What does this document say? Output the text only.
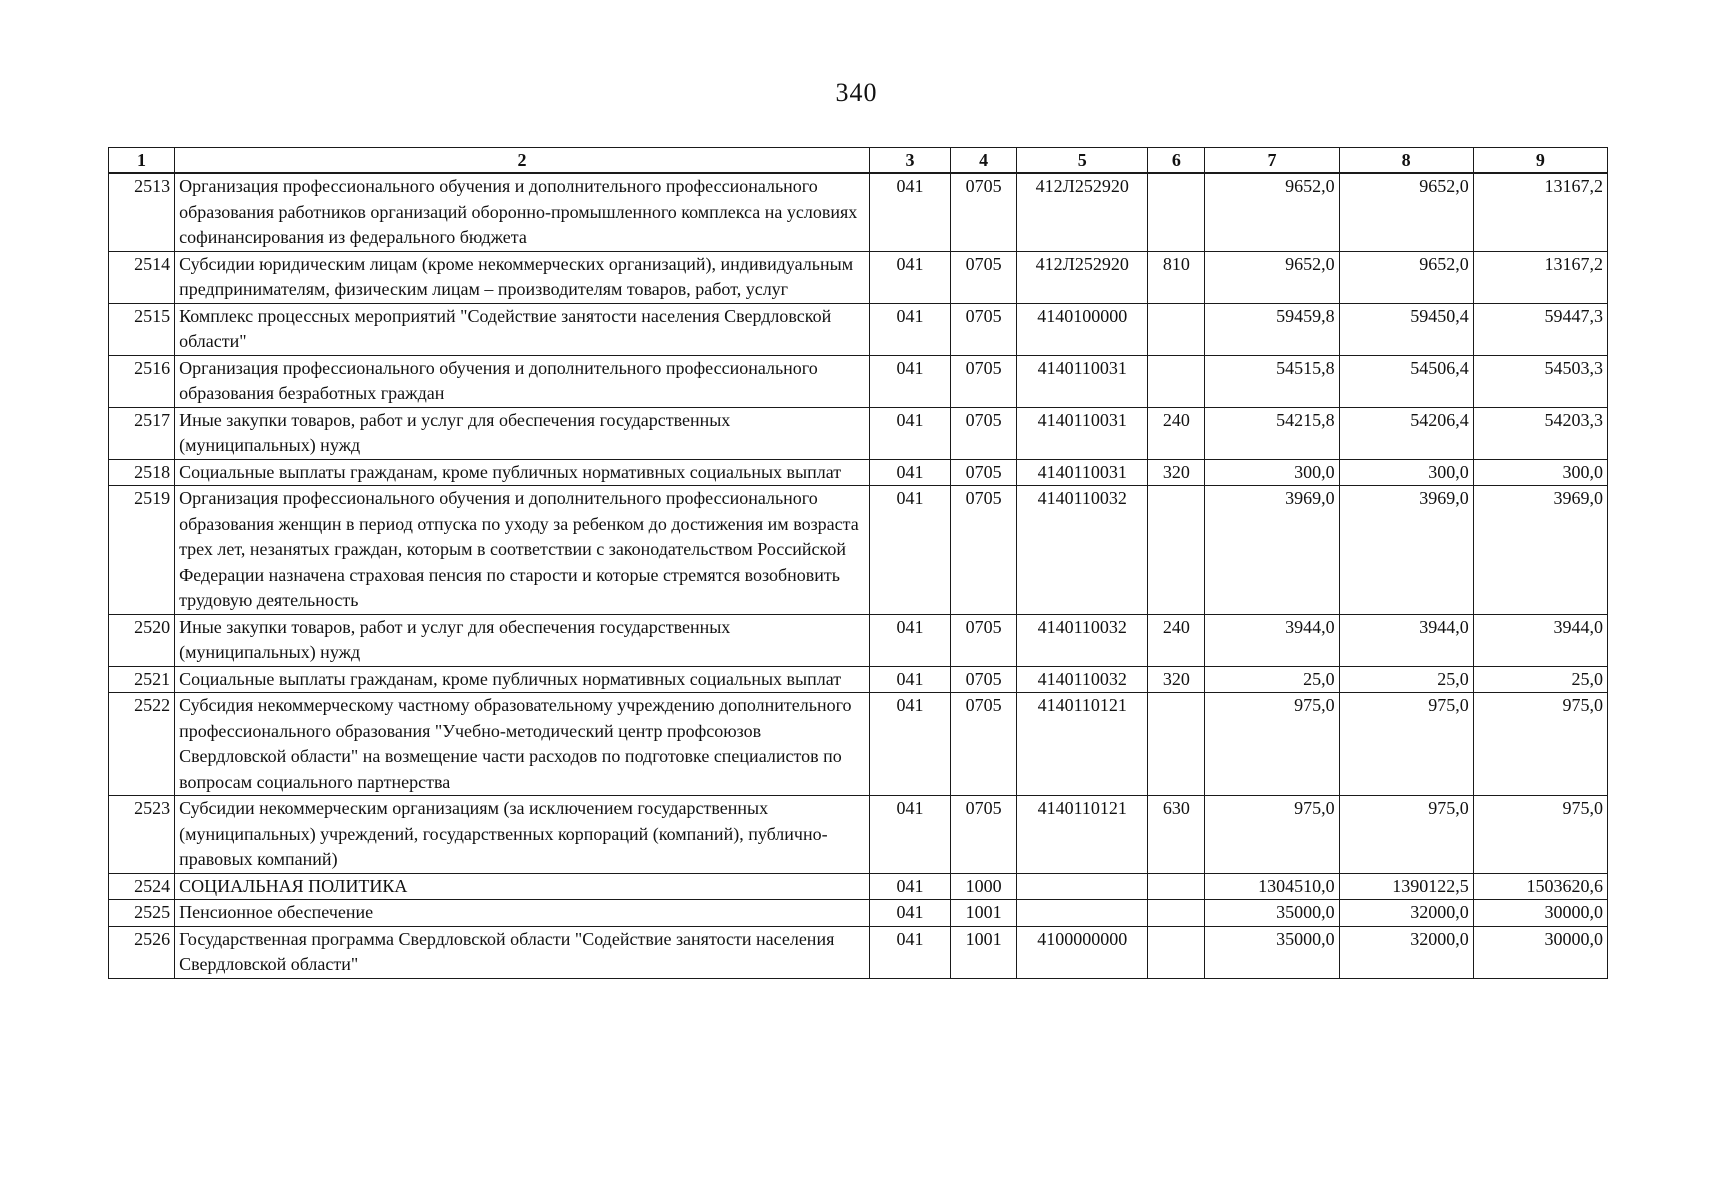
340
1	2	3	4	5	6	7	8	9
2513	Организация профессионального обучения и дополнительного профессионального образования работников организаций оборонно-промышленного комплекса на условиях софинансирования из федерального бюджета	041	0705	412Л252920		9652,0	9652,0	13167,2
2514	Субсидии юридическим лицам (кроме некоммерческих организаций), индивидуальным предпринимателям, физическим лицам – производителям товаров, работ, услуг	041	0705	412Л252920	810	9652,0	9652,0	13167,2
2515	Комплекс процессных мероприятий "Содействие занятости населения Свердловской области"	041	0705	4140100000		59459,8	59450,4	59447,3
2516	Организация профессионального обучения и дополнительного профессионального образования безработных граждан	041	0705	4140110031		54515,8	54506,4	54503,3
2517	Иные закупки товаров, работ и услуг для обеспечения государственных (муниципальных) нужд	041	0705	4140110031	240	54215,8	54206,4	54203,3
2518	Социальные выплаты гражданам, кроме публичных нормативных социальных выплат	041	0705	4140110031	320	300,0	300,0	300,0
2519	Организация профессионального обучения и дополнительного профессионального образования женщин в период отпуска по уходу за ребенком до достижения им возраста трех лет, незанятых граждан, которым в соответствии с законодательством Российской Федерации назначена страховая пенсия по старости и которые стремятся возобновить трудовую деятельность	041	0705	4140110032		3969,0	3969,0	3969,0
2520	Иные закупки товаров, работ и услуг для обеспечения государственных (муниципальных) нужд	041	0705	4140110032	240	3944,0	3944,0	3944,0
2521	Социальные выплаты гражданам, кроме публичных нормативных социальных выплат	041	0705	4140110032	320	25,0	25,0	25,0
2522	Субсидия некоммерческому частному образовательному учреждению дополнительного профессионального образования "Учебно-методический центр профсоюзов Свердловской области" на возмещение части расходов по подготовке специалистов по вопросам социального партнерства	041	0705	4140110121		975,0	975,0	975,0
2523	Субсидии некоммерческим организациям (за исключением государственных (муниципальных) учреждений, государственных корпораций (компаний), публично-правовых компаний)	041	0705	4140110121	630	975,0	975,0	975,0
2524	СОЦИАЛЬНАЯ ПОЛИТИКА	041	1000			1304510,0	1390122,5	1503620,6
2525	Пенсионное обеспечение	041	1001			35000,0	32000,0	30000,0
2526	Государственная программа Свердловской области "Содействие занятости населения Свердловской области"	041	1001	4100000000		35000,0	32000,0	30000,0
